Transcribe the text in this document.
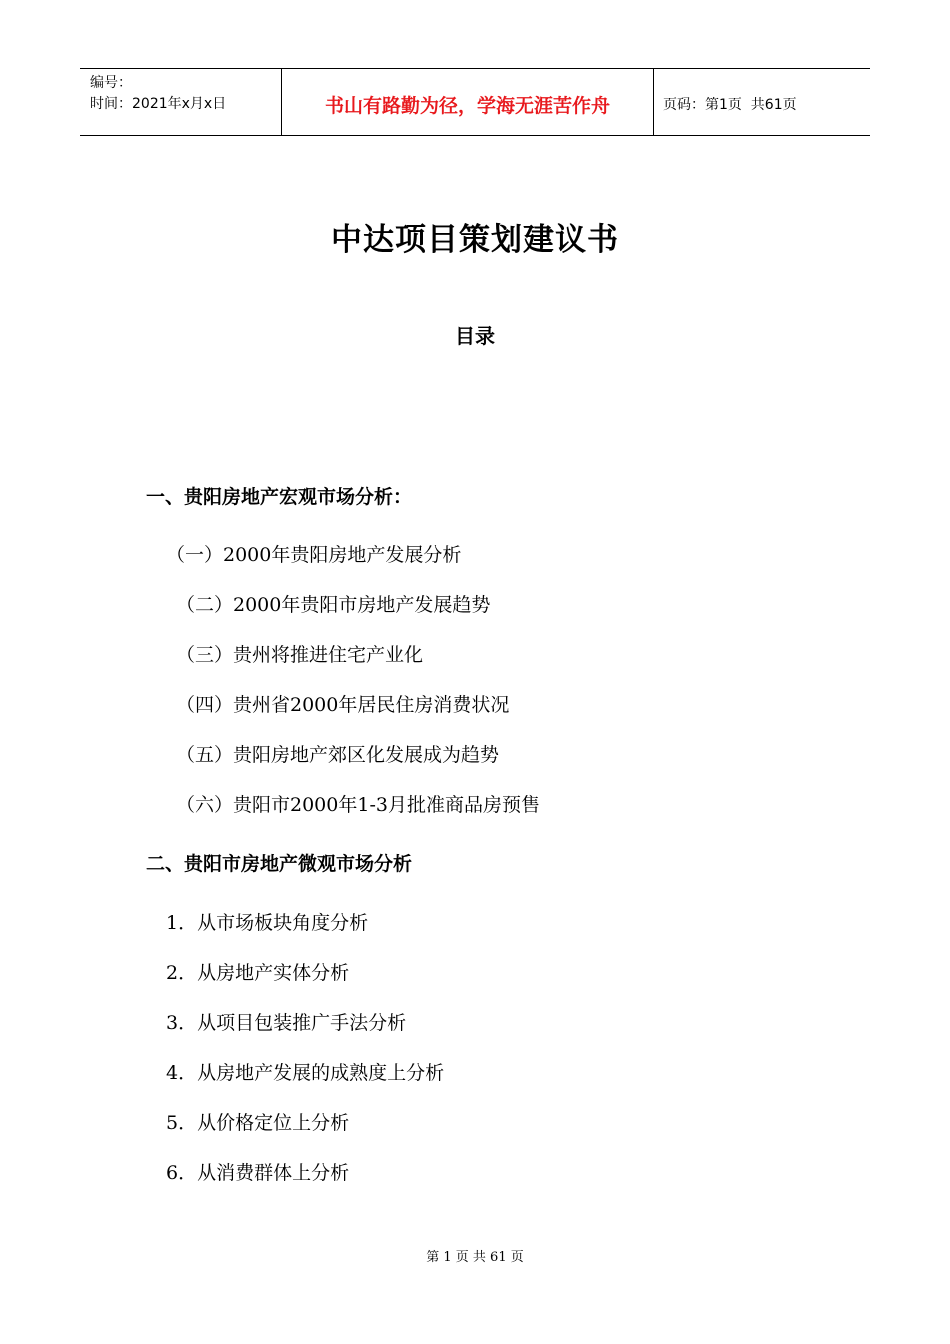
编号：
时间：2021年x月x日	书山有路勤为径，学海无涯苦作舟	页码：第1页  共61页
中达项目策划建议书
目录
一、贵阳房地产宏观市场分析：
（一）2000年贵阳房地产发展分析
（二）2000年贵阳市房地产发展趋势
（三）贵州将推进住宅产业化
（四）贵州省2000年居民住房消费状况
（五）贵阳房地产郊区化发展成为趋势
（六）贵阳市2000年1-3月批准商品房预售
二、贵阳市房地产微观市场分析
1．从市场板块角度分析
2．从房地产实体分析
3．从项目包装推广手法分析
4．从房地产发展的成熟度上分析
5．从价格定位上分析
6．从消费群体上分析
第 1 页 共 61 页
